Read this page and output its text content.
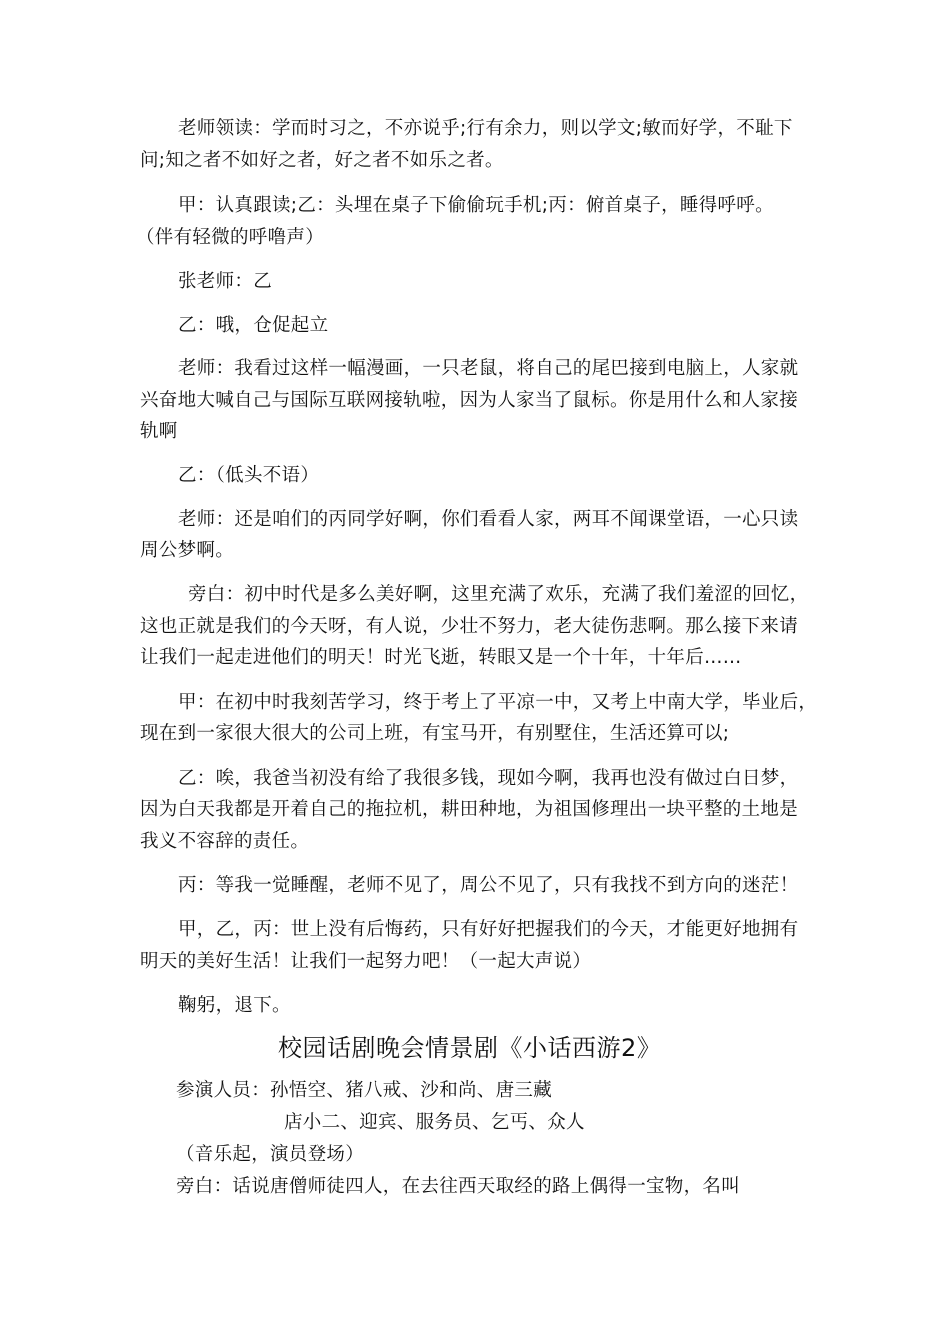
老师领读：学而时习之，不亦说乎;行有余力，则以学文;敏而好学，不耻下
问;知之者不如好之者，好之者不如乐之者。
甲：认真跟读;乙：头埋在桌子下偷偷玩手机;丙：俯首桌子，睡得呼呼。
（伴有轻微的呼噜声）
张老师：乙
乙：哦，仓促起立
老师：我看过这样一幅漫画，一只老鼠，将自己的尾巴接到电脑上，人家就
兴奋地大喊自己与国际互联网接轨啦，因为人家当了鼠标。你是用什么和人家接
轨啊
乙：（低头不语）
老师：还是咱们的丙同学好啊，你们看看人家，两耳不闻课堂语，一心只读
周公梦啊。
旁白：初中时代是多么美好啊，这里充满了欢乐，充满了我们羞涩的回忆，
这也正就是我们的今天呀，有人说，少壮不努力，老大徒伤悲啊。那么接下来请
让我们一起走进他们的明天！时光飞逝，转眼又是一个十年，十年后……
甲：在初中时我刻苦学习，终于考上了平凉一中，又考上中南大学，毕业后，
现在到一家很大很大的公司上班，有宝马开，有别墅住，生活还算可以;
乙：唉，我爸当初没有给了我很多钱，现如今啊，我再也没有做过白日梦，
因为白天我都是开着自己的拖拉机，耕田种地，为祖国修理出一块平整的土地是
我义不容辞的责任。
丙：等我一觉睡醒，老师不见了，周公不见了，只有我找不到方向的迷茫！
甲，乙，丙：世上没有后悔药，只有好好把握我们的今天，才能更好地拥有
明天的美好生活！让我们一起努力吧！（一起大声说）
鞠躬，退下。
校园话剧晚会情景剧《小话西游2》
参演人员：孙悟空、猪八戒、沙和尚、唐三藏
店小二、迎宾、服务员、乞丐、众人
（音乐起，演员登场）
旁白：话说唐僧师徒四人，在去往西天取经的路上偶得一宝物，名叫
